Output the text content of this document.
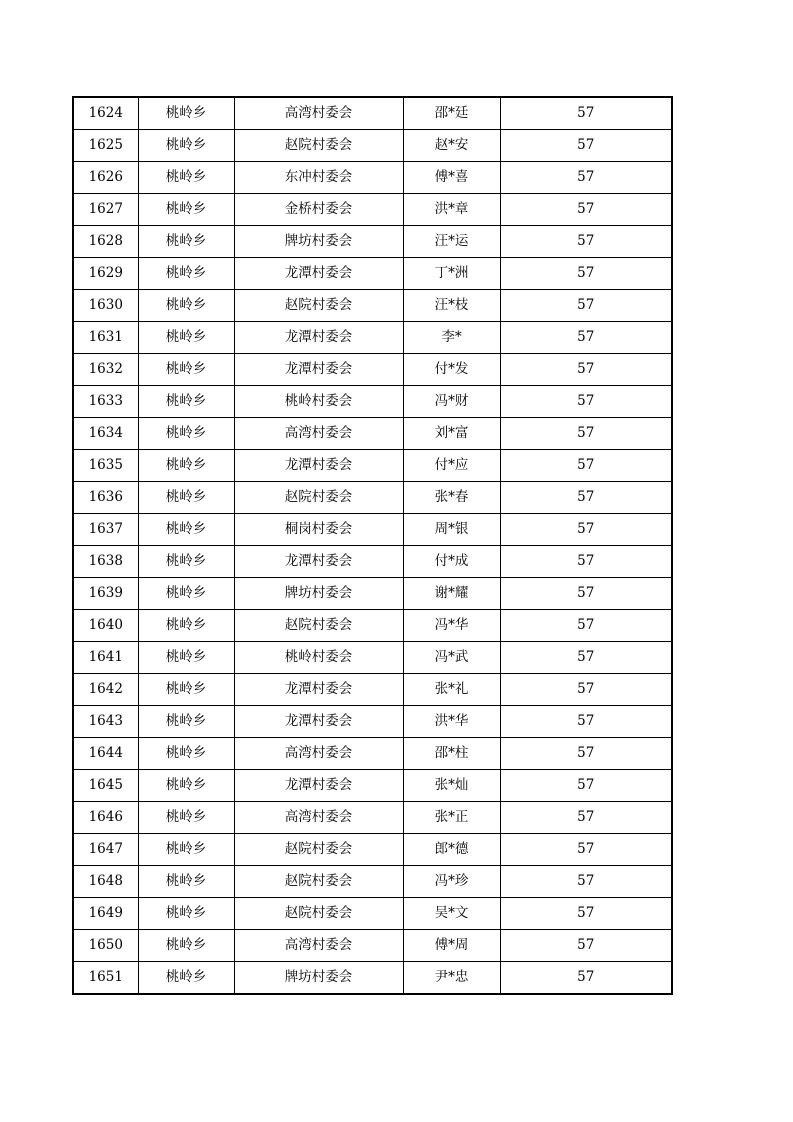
1624	桃岭乡	高湾村委会	邵*廷	57
1625	桃岭乡	赵院村委会	赵*安	57
1626	桃岭乡	东冲村委会	傅*喜	57
1627	桃岭乡	金桥村委会	洪*章	57
1628	桃岭乡	牌坊村委会	汪*运	57
1629	桃岭乡	龙潭村委会	丁*洲	57
1630	桃岭乡	赵院村委会	汪*枝	57
1631	桃岭乡	龙潭村委会	李*	57
1632	桃岭乡	龙潭村委会	付*发	57
1633	桃岭乡	桃岭村委会	冯*财	57
1634	桃岭乡	高湾村委会	刘*富	57
1635	桃岭乡	龙潭村委会	付*应	57
1636	桃岭乡	赵院村委会	张*春	57
1637	桃岭乡	桐岗村委会	周*银	57
1638	桃岭乡	龙潭村委会	付*成	57
1639	桃岭乡	牌坊村委会	谢*耀	57
1640	桃岭乡	赵院村委会	冯*华	57
1641	桃岭乡	桃岭村委会	冯*武	57
1642	桃岭乡	龙潭村委会	张*礼	57
1643	桃岭乡	龙潭村委会	洪*华	57
1644	桃岭乡	高湾村委会	邵*柱	57
1645	桃岭乡	龙潭村委会	张*灿	57
1646	桃岭乡	高湾村委会	张*正	57
1647	桃岭乡	赵院村委会	郎*德	57
1648	桃岭乡	赵院村委会	冯*珍	57
1649	桃岭乡	赵院村委会	吴*文	57
1650	桃岭乡	高湾村委会	傅*周	57
1651	桃岭乡	牌坊村委会	尹*忠	57
